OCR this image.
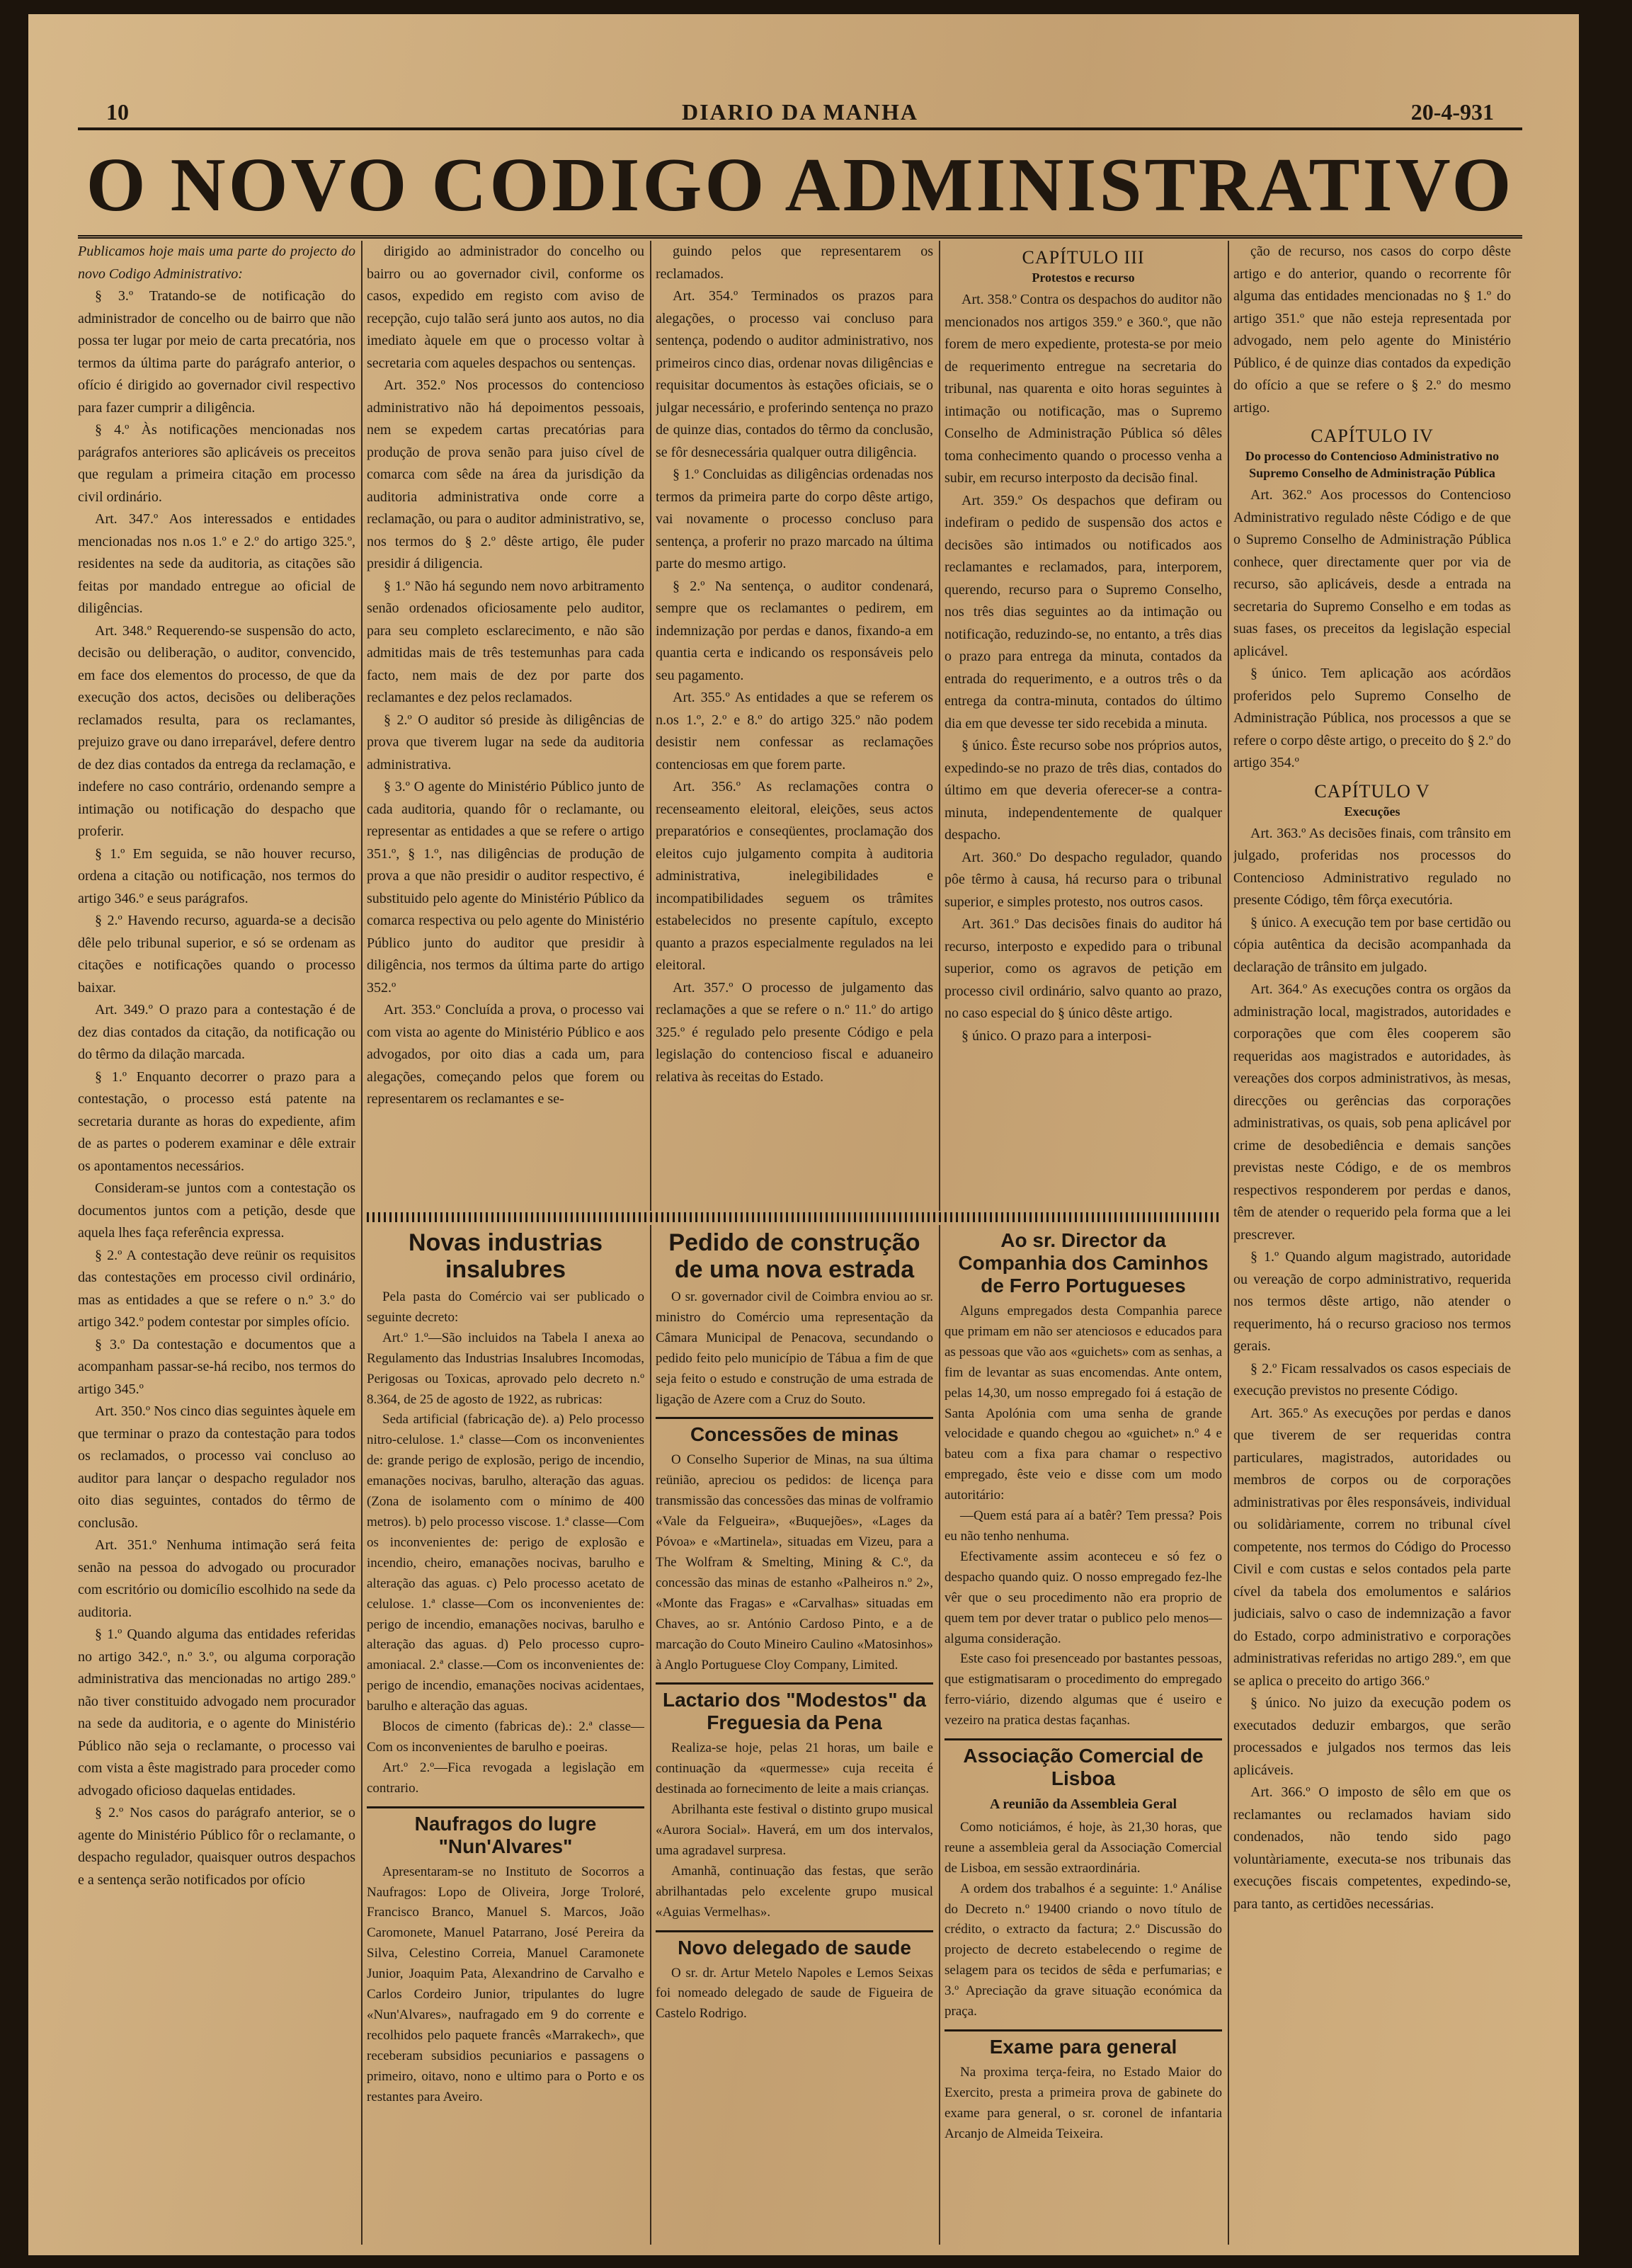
10	DIARIO DA MANHA	20-4-931
O NOVO CODIGO ADMINISTRATIVO

Publicamos hoje mais uma parte do projecto do novo Codigo Administrativo:

§ 3.º Tratando-se de notificação do administrador de concelho ou de bairro que não possa ter lugar por meio de carta precatória, nos termos da última parte do parágrafo anterior, o ofício é dirigido ao governador civil respectivo para fazer cumprir a diligência.

§ 4.º Às notificações mencionadas nos parágrafos anteriores são aplicáveis os preceitos que regulam a primeira citação em processo civil ordinário.

Art. 347.º Aos interessados e entidades mencionadas nos n.os 1.º e 2.º do artigo 325.º, residentes na sede da auditoria, as citações são feitas por mandado entregue ao oficial de diligências.

Art. 348.º Requerendo-se suspensão do acto, decisão ou deliberação, o auditor, convencido, em face dos elementos do processo, de que da execução dos actos, decisões ou deliberações reclamados resulta, para os reclamantes, prejuizo grave ou dano irreparável, defere dentro de dez dias contados da entrega da reclamação, e indefere no caso contrário, ordenando sempre a intimação ou notificação do despacho que proferir.

§ 1.º Em seguida, se não houver recurso, ordena a citação ou notificação, nos termos do artigo 346.º e seus parágrafos.

§ 2.º Havendo recurso, aguarda-se a decisão dêle pelo tribunal superior, e só se ordenam as citações e notificações quando o processo baixar.

Art. 349.º O prazo para a contestação é de dez dias contados da citação, da notificação ou do têrmo da dilação marcada.

§ 1.º Enquanto decorrer o prazo para a contestação, o processo está patente na secretaria durante as horas do expediente, afim de as partes o poderem examinar e dêle extrair os apontamentos necessários.

Consideram-se juntos com a contestação os documentos juntos com a petição, desde que aquela lhes faça referência expressa.

§ 2.º A contestação deve reünir os requisitos das contestações em processo civil ordinário, mas as entidades a que se refere o n.º 3.º do artigo 342.º podem contestar por simples ofício.

§ 3.º Da contestação e documentos que a acompanham passar-se-há recibo, nos termos do artigo 345.º

Art. 350.º Nos cinco dias seguintes àquele em que terminar o prazo da contestação para todos os reclamados, o processo vai concluso ao auditor para lançar o despacho regulador nos oito dias seguintes, contados do têrmo de conclusão.

Art. 351.º Nenhuma intimação será feita senão na pessoa do advogado ou procurador com escritório ou domicílio escolhido na sede da auditoria.

§ 1.º Quando alguma das entidades referidas no artigo 342.º, n.º 3.º, ou alguma corporação administrativa das mencionadas no artigo 289.º não tiver constituido advogado nem procurador na sede da auditoria, e o agente do Ministério Público não seja o reclamante, o processo vai com vista a êste magistrado para proceder como advogado oficioso daquelas entidades.

§ 2.º Nos casos do parágrafo anterior, se o agente do Ministério Público fôr o reclamante, o despacho regulador, quaisquer outros despachos e a sentença serão notificados por ofício

dirigido ao administrador do concelho ou bairro ou ao governador civil, conforme os casos, expedido em registo com aviso de recepção, cujo talão será junto aos autos, no dia imediato àquele em que o processo voltar à secretaria com aqueles despachos ou sentenças.

Art. 352.º Nos processos do contencioso administrativo não há depoimentos pessoais, nem se expedem cartas precatórias para produção de prova senão para juiso cível de comarca com sêde na área da jurisdição da auditoria administrativa onde corre a reclamação, ou para o auditor administrativo, se, nos termos do § 2.º dêste artigo, êle puder presidir á diligencia.

§ 1.º Não há segundo nem novo arbitramento senão ordenados oficiosamente pelo auditor, para seu completo esclarecimento, e não são admitidas mais de três testemunhas para cada facto, nem mais de dez por parte dos reclamantes e dez pelos reclamados.

§ 2.º O auditor só preside às diligências de prova que tiverem lugar na sede da auditoria administrativa.

§ 3.º O agente do Ministério Público junto de cada auditoria, quando fôr o reclamante, ou representar as entidades a que se refere o artigo 351.º, § 1.º, nas diligências de produção de prova a que não presidir o auditor respectivo, é substituido pelo agente do Ministério Público da comarca respectiva ou pelo agente do Ministério Público junto do auditor que presidir à diligência, nos termos da última parte do artigo 352.º

Art. 353.º Concluída a prova, o processo vai com vista ao agente do Ministério Público e aos advogados, por oito dias a cada um, para alegações, começando pelos que forem ou representarem os reclamantes e se-

guindo pelos que representarem os reclamados.

Art. 354.º Terminados os prazos para alegações, o processo vai concluso para sentença, podendo o auditor administrativo, nos primeiros cinco dias, ordenar novas diligências e requisitar documentos às estações oficiais, se o julgar necessário, e proferindo sentença no prazo de quinze dias, contados do têrmo da conclusão, se fôr desnecessária qualquer outra diligência.

§ 1.º Concluidas as diligências ordenadas nos termos da primeira parte do corpo dêste artigo, vai novamente o processo concluso para sentença, a proferir no prazo marcado na última parte do mesmo artigo.

§ 2.º Na sentença, o auditor condenará, sempre que os reclamantes o pedirem, em indemnização por perdas e danos, fixando-a em quantia certa e indicando os responsáveis pelo seu pagamento.

Art. 355.º As entidades a que se referem os n.os 1.º, 2.º e 8.º do artigo 325.º não podem desistir nem confessar as reclamações contenciosas em que forem parte.

Art. 356.º As reclamações contra o recenseamento eleitoral, eleições, seus actos preparatórios e conseqüentes, proclamação dos eleitos cujo julgamento compita à auditoria administrativa, inelegibilidades e incompatibilidades seguem os trâmites estabelecidos no presente capítulo, excepto quanto a prazos especialmente regulados na lei eleitoral.

Art. 357.º O processo de julgamento das reclamações a que se refere o n.º 11.º do artigo 325.º é regulado pelo presente Código e pela legislação do contencioso fiscal e aduaneiro relativa às receitas do Estado.

CAPÍTULO III
Protestos e recurso

Art. 358.º Contra os despachos do auditor não mencionados nos artigos 359.º e 360.º, que não forem de mero expediente, protesta-se por meio de requerimento entregue na secretaria do tribunal, nas quarenta e oito horas seguintes à intimação ou notificação, mas o Supremo Conselho de Administração Pública só dêles toma conhecimento quando o processo venha a subir, em recurso interposto da decisão final.

Art. 359.º Os despachos que defiram ou indefiram o pedido de suspensão dos actos e decisões são intimados ou notificados aos reclamantes e reclamados, para, interporem, querendo, recurso para o Supremo Conselho, nos três dias seguintes ao da intimação ou notificação, reduzindo-se, no entanto, a três dias o prazo para entrega da minuta, contados da entrada do requerimento, e a outros três o da entrega da contra-minuta, contados do último dia em que devesse ter sido recebida a minuta.

§ único. Êste recurso sobe nos próprios autos, expedindo-se no prazo de três dias, contados do último em que deveria oferecer-se a contra-minuta, independentemente de qualquer despacho.

Art. 360.º Do despacho regulador, quando pôe têrmo à causa, há recurso para o tribunal superior, e simples protesto, nos outros casos.

Art. 361.º Das decisões finais do auditor há recurso, interposto e expedido para o tribunal superior, como os agravos de petição em processo civil ordinário, salvo quanto ao prazo, no caso especial do § único dêste artigo.

§ único. O prazo para a interposi-

ção de recurso, nos casos do corpo dêste artigo e do anterior, quando o recorrente fôr alguma das entidades mencionadas no § 1.º do artigo 351.º que não esteja representada por advogado, nem pelo agente do Ministério Público, é de quinze dias contados da expedição do ofício a que se refere o § 2.º do mesmo artigo.

CAPÍTULO IV
Do processo do Contencioso Administrativo no Supremo Conselho de Administração Pública

Art. 362.º Aos processos do Contencioso Administrativo regulado nêste Código e de que o Supremo Conselho de Administração Pública conhece, quer directamente quer por via de recurso, são aplicáveis, desde a entrada na secretaria do Supremo Conselho e em todas as suas fases, os preceitos da legislação especial aplicável.

§ único. Tem aplicação aos acórdãos proferidos pelo Supremo Conselho de Administração Pública, nos processos a que se refere o corpo dêste artigo, o preceito do § 2.º do artigo 354.º

CAPÍTULO V
Execuções

Art. 363.º As decisões finais, com trânsito em julgado, proferidas nos processos do Contencioso Administrativo regulado no presente Código, têm fôrça executória.

§ único. A execução tem por base certidão ou cópia autêntica da decisão acompanhada da declaração de trânsito em julgado.

Art. 364.º As execuções contra os orgãos da administração local, magistrados, autoridades e corporações que com êles cooperem são requeridas aos magistrados e autoridades, às vereações dos corpos administrativos, às mesas, direcções ou gerências das corporações administrativas, os quais, sob pena aplicável por crime de desobediência e demais sanções previstas neste Código, e de os membros respectivos responderem por perdas e danos, têm de atender o requerido pela forma que a lei prescrever.

§ 1.º Quando algum magistrado, autoridade ou vereação de corpo administrativo, requerida nos termos dêste artigo, não atender o requerimento, há o recurso gracioso nos termos gerais.

§ 2.º Ficam ressalvados os casos especiais de execução previstos no presente Código.

Art. 365.º As execuções por perdas e danos que tiverem de ser requeridas contra particulares, magistrados, autoridades ou membros de corpos ou de corporações administrativas por êles responsáveis, individual ou solidàriamente, correm no tribunal cível competente, nos termos do Código do Processo Civil e com custas e selos contados pela parte cível da tabela dos emolumentos e salários judiciais, salvo o caso de indemnização a favor do Estado, corpo administrativo e corporações administrativas referidas no artigo 289.º, em que se aplica o preceito do artigo 366.º

§ único. No juizo da execução podem os executados deduzir embargos, que serão processados e julgados nos termos das leis aplicáveis.

Art. 366.º O imposto de sêlo em que os reclamantes ou reclamados haviam sido condenados, não tendo sido pago voluntàriamente, executa-se nos tribunais das execuções fiscais competentes, expedindo-se, para tanto, as certidões necessárias.

Novas industrias insalubres

Pela pasta do Comércio vai ser publicado o seguinte decreto:

Art.º 1.º—São incluidos na Tabela I anexa ao Regulamento das Industrias Insalubres Incomodas, Perigosas ou Toxicas, aprovado pelo decreto n.º 8.364, de 25 de agosto de 1922, as rubricas:

Seda artificial (fabricação de). a) Pelo processo nitro-celulose. 1.ª classe—Com os inconvenientes de: grande perigo de explosão, perigo de incendio, emanações nocivas, barulho, alteração das aguas. (Zona de isolamento com o mínimo de 400 metros). b) pelo processo viscose. 1.ª classe—Com os inconvenientes de: perigo de explosão e incendio, cheiro, emanações nocivas, barulho e alteração das aguas. c) Pelo processo acetato de celulose. 1.ª classe—Com os inconvenientes de: perigo de incendio, emanações nocivas, barulho e alteração das aguas. d) Pelo processo cupro-amoniacal. 2.ª classe.—Com os inconvenientes de: perigo de incendio, emanações nocivas acidentaes, barulho e alteração das aguas.

Blocos de cimento (fabricas de).: 2.ª classe—Com os inconvenientes de barulho e poeiras.

Art.º 2.º—Fica revogada a legislação em contrario.

Naufragos do lugre "Nun'Alvares"

Apresentaram-se no Instituto de Socorros a Naufragos: Lopo de Oliveira, Jorge Troloré, Francisco Branco, Manuel S. Marcos, João Caromonete, Manuel Patarrano, José Pereira da Silva, Celestino Correia, Manuel Caramonete Junior, Joaquim Pata, Alexandrino de Carvalho e Carlos Cordeiro Junior, tripulantes do lugre «Nun'Alvares», naufragado em 9 do corrente e recolhidos pelo paquete francês «Marrakech», que receberam subsidios pecuniarios e passagens o primeiro, oitavo, nono e ultimo para o Porto e os restantes para Aveiro.

Pedido de construção de uma nova estrada

O sr. governador civil de Coimbra enviou ao sr. ministro do Comércio uma representação da Câmara Municipal de Penacova, secundando o pedido feito pelo município de Tábua a fim de que seja feito o estudo e construção de uma estrada de ligação de Azere com a Cruz do Souto.

Concessões de minas

O Conselho Superior de Minas, na sua última reünião, apreciou os pedidos: de licença para transmissão das concessões das minas de volframio «Vale da Felgueira», «Buquejões», «Lages da Póvoa» e «Martinela», situadas em Vizeu, para a The Wolfram & Smelting, Mining & C.º, da concessão das minas de estanho «Palheiros n.º 2», «Monte das Fragas» e «Carvalhas» situadas em Chaves, ao sr. António Cardoso Pinto, e a de marcação do Couto Mineiro Caulino «Matosinhos» à Anglo Portuguese Cloy Company, Limited.

Lactario dos "Modestos" da Freguesia da Pena

Realiza-se hoje, pelas 21 horas, um baile e continuação da «quermesse» cuja receita é destinada ao fornecimento de leite a mais crianças.

Abrilhanta este festival o distinto grupo musical «Aurora Social». Haverá, em um dos intervalos, uma agradavel surpresa.

Amanhã, continuação das festas, que serão abrilhantadas pelo excelente grupo musical «Aguias Vermelhas».

Novo delegado de saude

O sr. dr. Artur Metelo Napoles e Lemos Seixas foi nomeado delegado de saude de Figueira de Castelo Rodrigo.

Ao sr. Director da Companhia dos Caminhos de Ferro Portugueses

Alguns empregados desta Companhia parece que primam em não ser atenciosos e educados para as pessoas que vão aos «guichets» com as senhas, a fim de levantar as suas encomendas. Ante ontem, pelas 14,30, um nosso empregado foi á estação de Santa Apolónia com uma senha de grande velocidade e quando chegou ao «guichet» n.º 4 e bateu com a fixa para chamar o respectivo empregado, êste veio e disse com um modo autoritário:

—Quem está para aí a batêr? Tem pressa? Pois eu não tenho nenhuma.

Efectivamente assim aconteceu e só fez o despacho quando quiz. O nosso empregado fez-lhe vêr que o seu procedimento não era proprio de quem tem por dever tratar o publico pelo menos—alguma consideração.

Este caso foi presenceado por bastantes pessoas, que estigmatisaram o procedimento do empregado ferro-viário, dizendo algumas que é useiro e vezeiro na pratica destas façanhas.

Associação Comercial de Lisboa
A reunião da Assembleia Geral

Como noticiámos, é hoje, às 21,30 horas, que reune a assembleia geral da Associação Comercial de Lisboa, em sessão extraordinária.

A ordem dos trabalhos é a seguinte: 1.º Análise do Decreto n.º 19400 criando o novo título de crédito, o extracto da factura; 2.º Discussão do projecto de decreto estabelecendo o regime de selagem para os tecidos de sêda e perfumarias; e 3.º Apreciação da grave situação económica da praça.

Exame para general

Na proxima terça-feira, no Estado Maior do Exercito, presta a primeira prova de gabinete do exame para general, o sr. coronel de infantaria Arcanjo de Almeida Teixeira.
